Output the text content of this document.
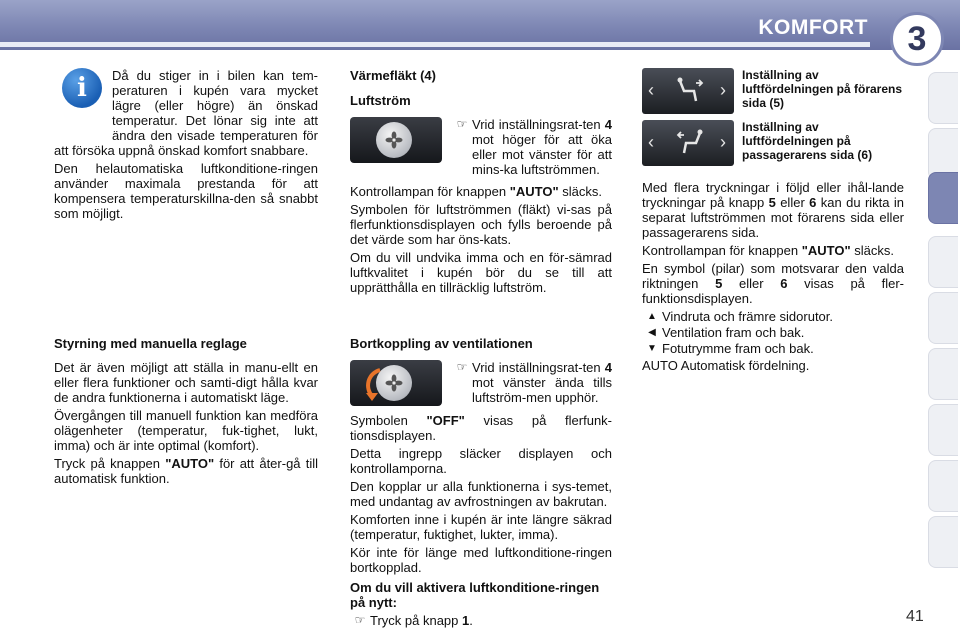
KOMFORT 3
i	Då du stiger in i bilen kan tem-peraturen i kupén vara mycket lägre (eller högre) än önskad temperatur. Det lönar sig inte att ändra den visade temperaturen för att försöka uppnå önskad komfort snabbare.

Den helautomatiska luftkonditione-ringen använder maximala prestanda för att kompensera temperaturskillna-den så snabbt som möjligt.

Styrning med manuella reglage

Det är även möjligt att ställa in manu-ellt en eller flera funktioner och samti-digt hålla kvar de andra funktionerna i automatiskt läge.

Övergången till manuell funktion kan medföra olägenheter (temperatur, fuk-tighet, lukt, imma) och är inte optimal (komfort).

Tryck på knappen "AUTO" för att åter-gå till automatisk funktion.

Värmefläkt (4)

Luftström

☞ Vrid inställningsrat-ten 4 mot höger för att öka eller mot vänster för att mins-ka luftströmmen.

Kontrollampan för knappen "AUTO" släcks.

Symbolen för luftströmmen (fläkt) vi-sas på flerfunktionsdisplayen och fylls beroende på det värde som har öns-kats.

Om du vill undvika imma och en för-sämrad luftkvalitet i kupén bör du se till att upprätthålla en tillräcklig luftström.

Bortkoppling av ventilationen

☞ Vrid inställningsrat-ten 4 mot vänster ända tills luftström-men upphör.

Symbolen "OFF" visas på flerfunk-tionsdisplayen.

Detta ingrepp släcker displayen och kontrollamporna.

Den kopplar ur alla funktionerna i sys-temet, med undantag av avfrostningen av bakrutan.

Komforten inne i kupén är inte längre säkrad (temperatur, fuktighet, lukter, imma).

Kör inte för länge med luftkonditione-ringen bortkopplad.

Om du vill aktivera luftkonditione-ringen på nytt:

☞ Tryck på knapp 1.

‹	›

Inställning av luftfördelningen på förarens sida (5)

‹	›

Inställning av luftfördelningen på passagerarens sida (6)

Med flera tryckningar i följd eller ihål-lande tryckningar på knapp 5 eller 6 kan du rikta in separat luftströmmen mot förarens sida eller passagerarens sida.

Kontrollampan för knappen "AUTO" släcks.

En symbol (pilar) som motsvarar den valda riktningen 5 eller 6 visas på fler-funktionsdisplayen.

▲ Vindruta och främre sidorutor.
◀ Ventilation fram och bak.
▼ Fotutrymme fram och bak.

AUTO Automatisk fördelning.

41
